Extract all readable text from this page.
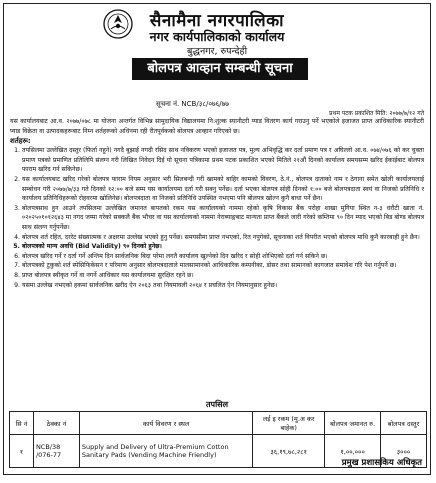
सैनामैना नगरपालिका
नगर कार्यपालिकाको कार्यालय
बुद्धनगर, रुपन्देही
बोलपत्र आव्हान सम्बन्धी सूचना
सूचना नं. NCB/३८/०७६/७७
प्रथम पटक प्रकाशित मिति: २०७७/७/१२ गते

यस कार्यालयबाट आ.व. २०७७/०७८ मा योजना अन्तर्गत विभिन्न सामुदायिक विद्यालयमा नि:शुल्क स्यानीटरी प्याड वितरण कार्य गराउनु पर्ने भएकोले इजाजत प्राप्त आधिकारिक स्यानीटरी प्याड विक्रेता वा उत्पादकहरूबाट निम्न शर्तहरूको अधिनमा रही रीतपूर्वकको बोलपत्र आव्हान गरिएको छ।

शर्तहरू:

1. तपसिलमा उल्लेखित दस्तुर (फिर्ता नहुने) नगदै बुझाई नगदी रसिद साथ नविकरण भएको इजाजत पत्र, मुल्य अभिवृद्धि कर दर्ता प्रमाण पत्र र अघिल्लो आ.व. ०७४/०७६ को कर चुक्ता प्रमाण पत्रको प्रमाणित प्रतिलिपि संलग्न गरी लिखित निवेदन दिई यो सूचना पत्रिकामा प्रथम पटक प्रकाशित भएको मितिले २१औं दिनको कार्यालय समयसम्म खरिद ईकाईबाट बोलपत्र फाराम खरिद गर्न सकिनेछ।
2. यस कार्यालयबाट खरिद गरेको बोलपत्र फाराम नियम अनुसार भरी सिलबन्दी गरी खामको बाहिर कामको विवरण, ठे.नं., बोलपत्र दाताको नाम र ठेगाना समेत खोली कार्यालयलाई सम्बोधन गरी २०७७/७/३३ गते दिनको १२:०० बजे सम्म यस कार्यालयमा दर्ता गरी सक्नु पर्नेछ। दर्ता भएका बोलपत्र सोही दिनको १:०० बजे बोलपत्रदाता स्वयं वा निजको प्रतिनिधि र कार्यालय प्रतिनिधिहरूको रोहवरमा खोलिनेछ। बोलपत्रदाता वा निजको प्रतिनिधि उपस्थित नभएमा पनि बोलपत्र खोल्न कुनै बाधा पर्ने छैन।
3. बोलपत्रसाथ हुन आउने तपसिलमा उल्लेखित जमानत बापतको रकम यस कार्यालयको नाममा रहेको कृषि विकास बैंक परोहा शाखा मुगिया स्थित न-३ धरौटी खाता नं. ०२०२५०१०१२६४३ मा नगद जम्मा गरेको सक्कलै बैंक भौचर वा यस कार्यालयको नाममा नेराब्याङ्गबाट मान्यता प्राप्त बैंकले जारी गरेको कम्तिमा ९० दिन म्याद भएको बिड बोण्ड बोलपत्र साथ संलग्न गर्नुपर्नेछ।
4. बोलपत्र शर्त रहित, दररेट संख्यात्मक र अक्षरमा उल्लेख भएको हुनु पर्नेछ। समयसीमा प्राप्त नभएको, रित नपुगेको, सूचनाका शर्त विपरीत भएको बोलपत्र माथि कुनै कारबाही हुने छैन।
5. बोलपत्रको मान्य अवधि (Bid Validity) ९० दिनको हुनेछ।
6. बोलपत्र खरिद गर्ने र दर्ता गर्ने अन्तिम दिन सार्वजनिक बिदा परेमा लगतै कार्यालय खुल्नेको दिन खरिद र सोही शोभिएको दर्ता गर्न सकिने छ।
7. बोलपत्रको टुकुको शर्त स्पेसिफिकेसन र परिमाण अनुसार बोलपत्रदाताले मालसामानको आधिकारिक कम्पनीका, डोसर तथा सामानको कागजात समावेश गरि पेश गर्नुपर्ने छ।
8. प्राप्त बोलपत्र स्वीकृत गर्ने वा नगर्ने आधिकार यस कार्यालयमा सुरक्षित रहने छ।
9. यसमा उल्लेख नभएको हकमा सार्वजनिक खरीद ऐन २०६३ तथा नियमावली २०६४ र प्रचलित ऐन नियमानुसार हुनेछ।
तपसिल
सि नं	ठेक्का नं	कार्य विवरण र स्थल	लई इ रकम (मु.अ कर बाहेक)	बोलपत्र जमानत रु.	बोलपत्र दस्तुर
१	NCB/38 /076-77	Supply and Delivery of Ultra-Premium Cotton Sanitary Pads (Vending Machine Friendly)	३६,१९,७८,२८१	१,००,०००	३०००
प्रमुख प्रशासकिय अधिकृत
